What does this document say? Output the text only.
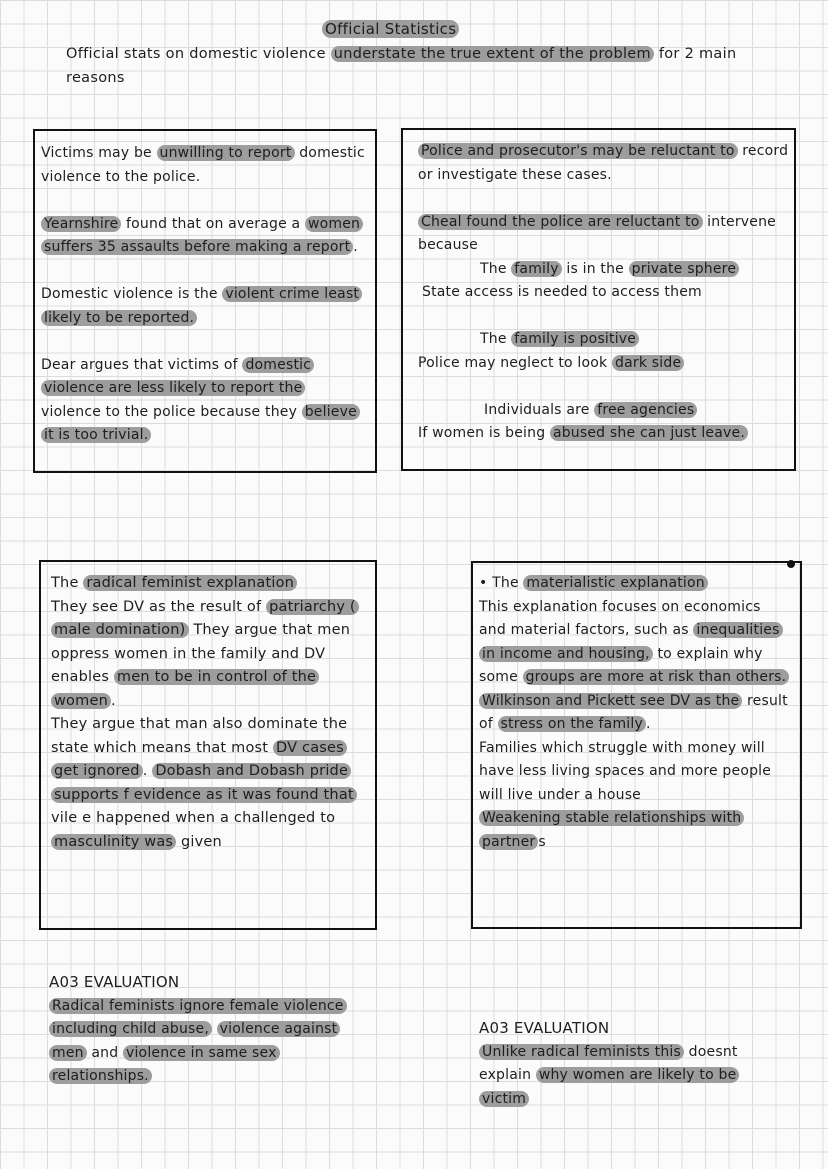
Official Statistics
Official stats on domestic violence understate the true extent of the problem for 2 main reasons

Victims may be unwilling to report domestic violence to the police.

Yearnshire found that on average a women suffers 35 assaults before making a report .

Domestic violence is the violent crime least likely to be reported.

Dear argues that victims of domestic violence are less likely to report the violence to the police because they believe it is too trivial.

Police and prosecutor's may be reluctant to record or investigate these cases.

Cheal found the police are reluctant to intervene because

The family is in the private sphere

State access is needed to access them

The family is positive

Police may neglect to look dark side

Individuals are free agencies

If women is being abused she can just leave.

The radical feminist explanation

They see DV as the result of patriarchy ( male domination) They argue that men oppress women in the family and DV enables men to be in control of the women .

They argue that man also dominate the state which means that most DV cases get ignored . Dobash and Dobash pride supports f evidence as it was found that vile e happened when a challenged to masculinity was given

• The materialistic explanation

This explanation focuses on economics and material factors, such as inequalities in income and housing, to explain why some groups are more at risk than others.

Wilkinson and Pickett see DV as the result of stress on the family .

Families which struggle with money will have less living spaces and more people will live under a house

Weakening stable relationships with partner s

A03 EVALUATION

Radical feminists ignore female violence including child abuse, violence against men and violence in same sex relationships.

A03 EVALUATION

Unlike radical feminists this doesnt explain why women are likely to be victim
